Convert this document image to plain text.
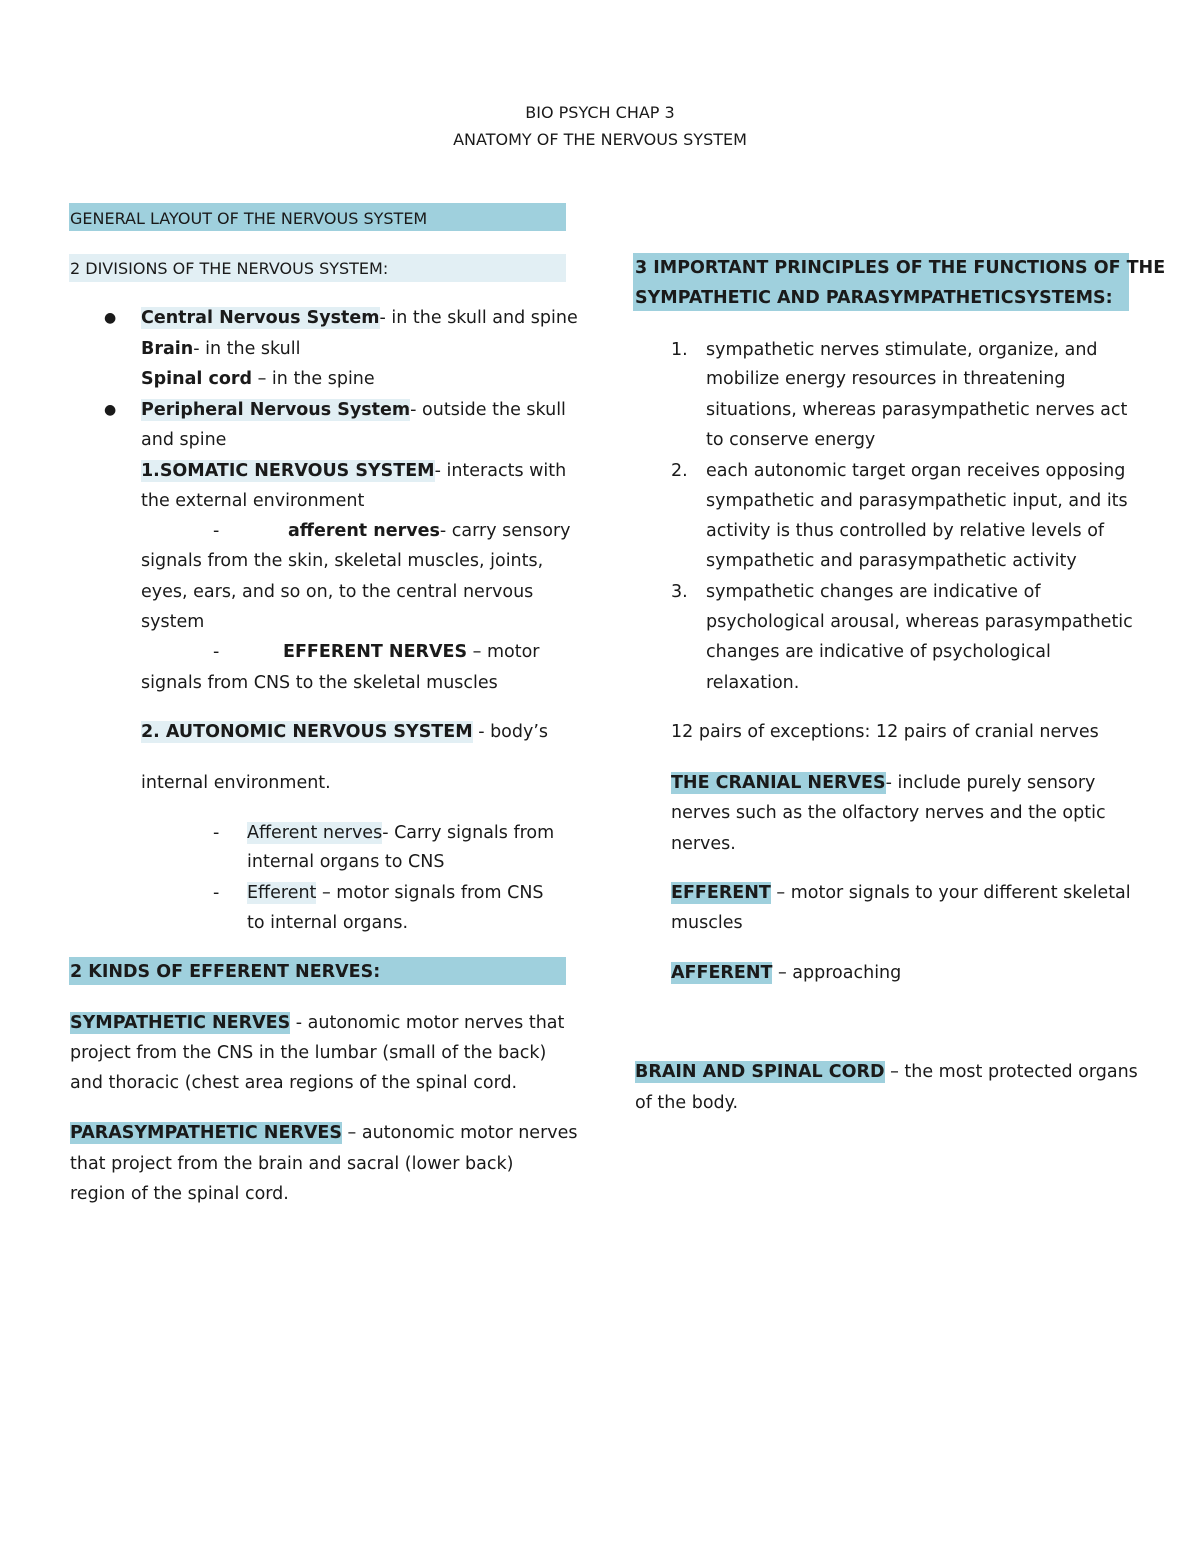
BIO PSYCH CHAP 3
ANATOMY OF THE NERVOUS SYSTEM
GENERAL LAYOUT OF THE NERVOUS SYSTEM
2 DIVISIONS OF THE NERVOUS SYSTEM:
● Central Nervous System- in the skull and spine
Brain- in the skull
Spinal cord – in the spine
● Peripheral Nervous System- outside the skull
and spine
1.SOMATIC NERVOUS SYSTEM- interacts with
the external environment
-	afferent nerves- carry sensory
signals from the skin, skeletal muscles, joints,
eyes, ears, and so on, to the central nervous
system
-	EFFERENT NERVES – motor
signals from CNS to the skeletal muscles
2. AUTONOMIC NERVOUS SYSTEM - body’s
internal environment.
- Afferent nerves- Carry signals from
internal organs to CNS
- Efferent – motor signals from CNS
to internal organs.
2 KINDS OF EFFERENT NERVES:
SYMPATHETIC NERVES - autonomic motor nerves that
project from the CNS in the lumbar (small of the back)
and thoracic (chest area regions of the spinal cord.
PARASYMPATHETIC NERVES – autonomic motor nerves
that project from the brain and sacral (lower back)
region of the spinal cord.
3 IMPORTANT PRINCIPLES OF THE FUNCTIONS OF THE
SYMPATHETIC AND PARASYMPATHETICSYSTEMS:
1. sympathetic nerves stimulate, organize, and
mobilize energy resources in threatening
situations, whereas parasympathetic nerves act
to conserve energy
2. each autonomic target organ receives opposing
sympathetic and parasympathetic input, and its
activity is thus controlled by relative levels of
sympathetic and parasympathetic activity
3. sympathetic changes are indicative of
psychological arousal, whereas parasympathetic
changes are indicative of psychological
relaxation.
12 pairs of exceptions: 12 pairs of cranial nerves
THE CRANIAL NERVES- include purely sensory
nerves such as the olfactory nerves and the optic
nerves.
EFFERENT – motor signals to your different skeletal
muscles
AFFERENT – approaching
BRAIN AND SPINAL CORD – the most protected organs
of the body.
